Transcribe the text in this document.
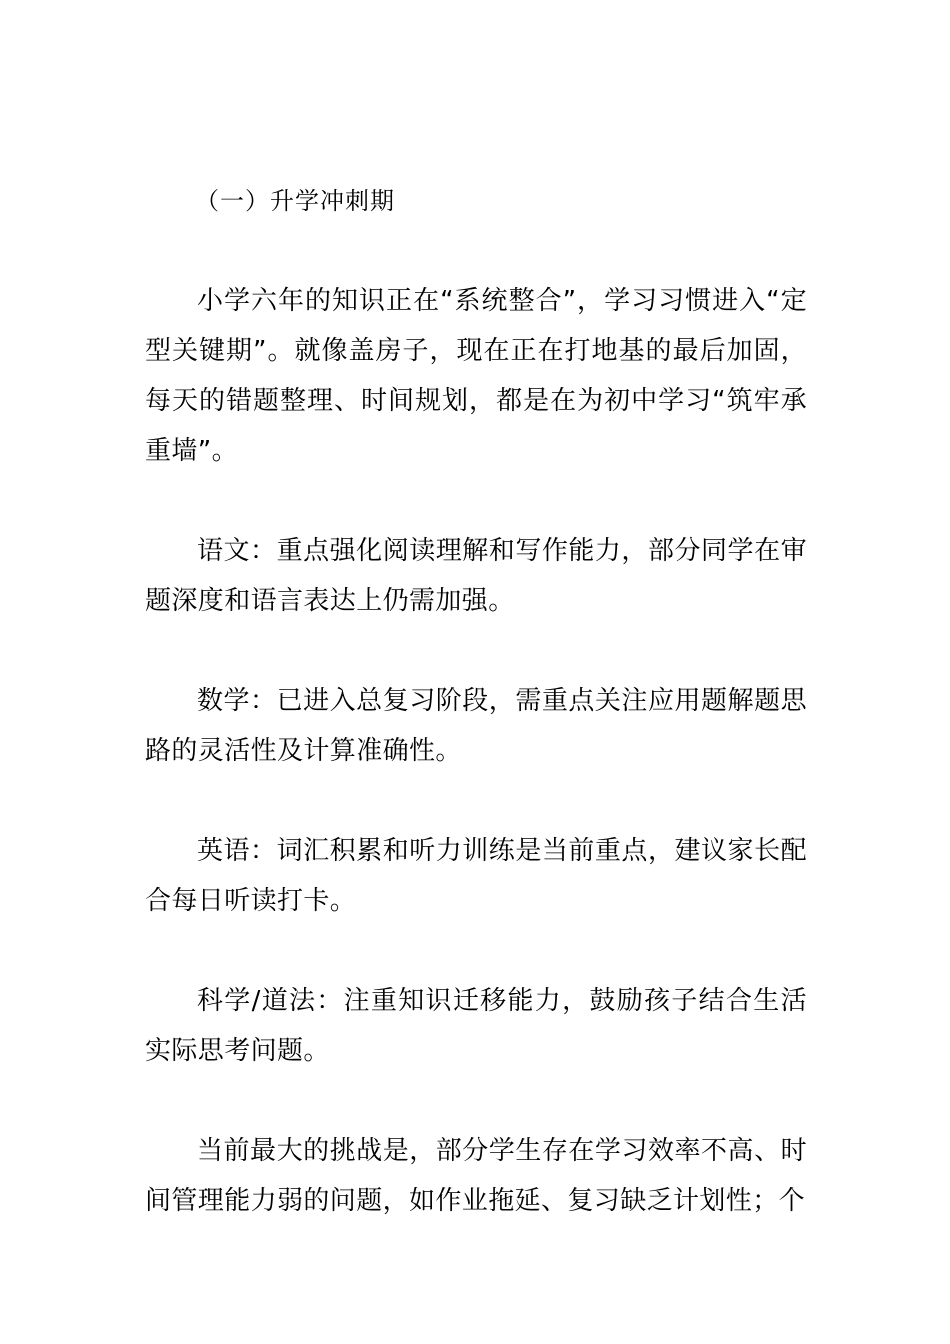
（一）升学冲刺期

小学六年的知识正在“系统整合”，学习习惯进入“定型关键期”。就像盖房子，现在正在打地基的最后加固，每天的错题整理、时间规划，都是在为初中学习“筑牢承重墙”。

语文：重点强化阅读理解和写作能力，部分同学在审题深度和语言表达上仍需加强。

数学：已进入总复习阶段，需重点关注应用题解题思路的灵活性及计算准确性。

英语：词汇积累和听力训练是当前重点，建议家长配合每日听读打卡。

科学/道法：注重知识迁移能力，鼓励孩子结合生活实际思考问题。

当前最大的挑战是，部分学生存在学习效率不高、时间管理能力弱的问题，如作业拖延、复习缺乏计划性；个
